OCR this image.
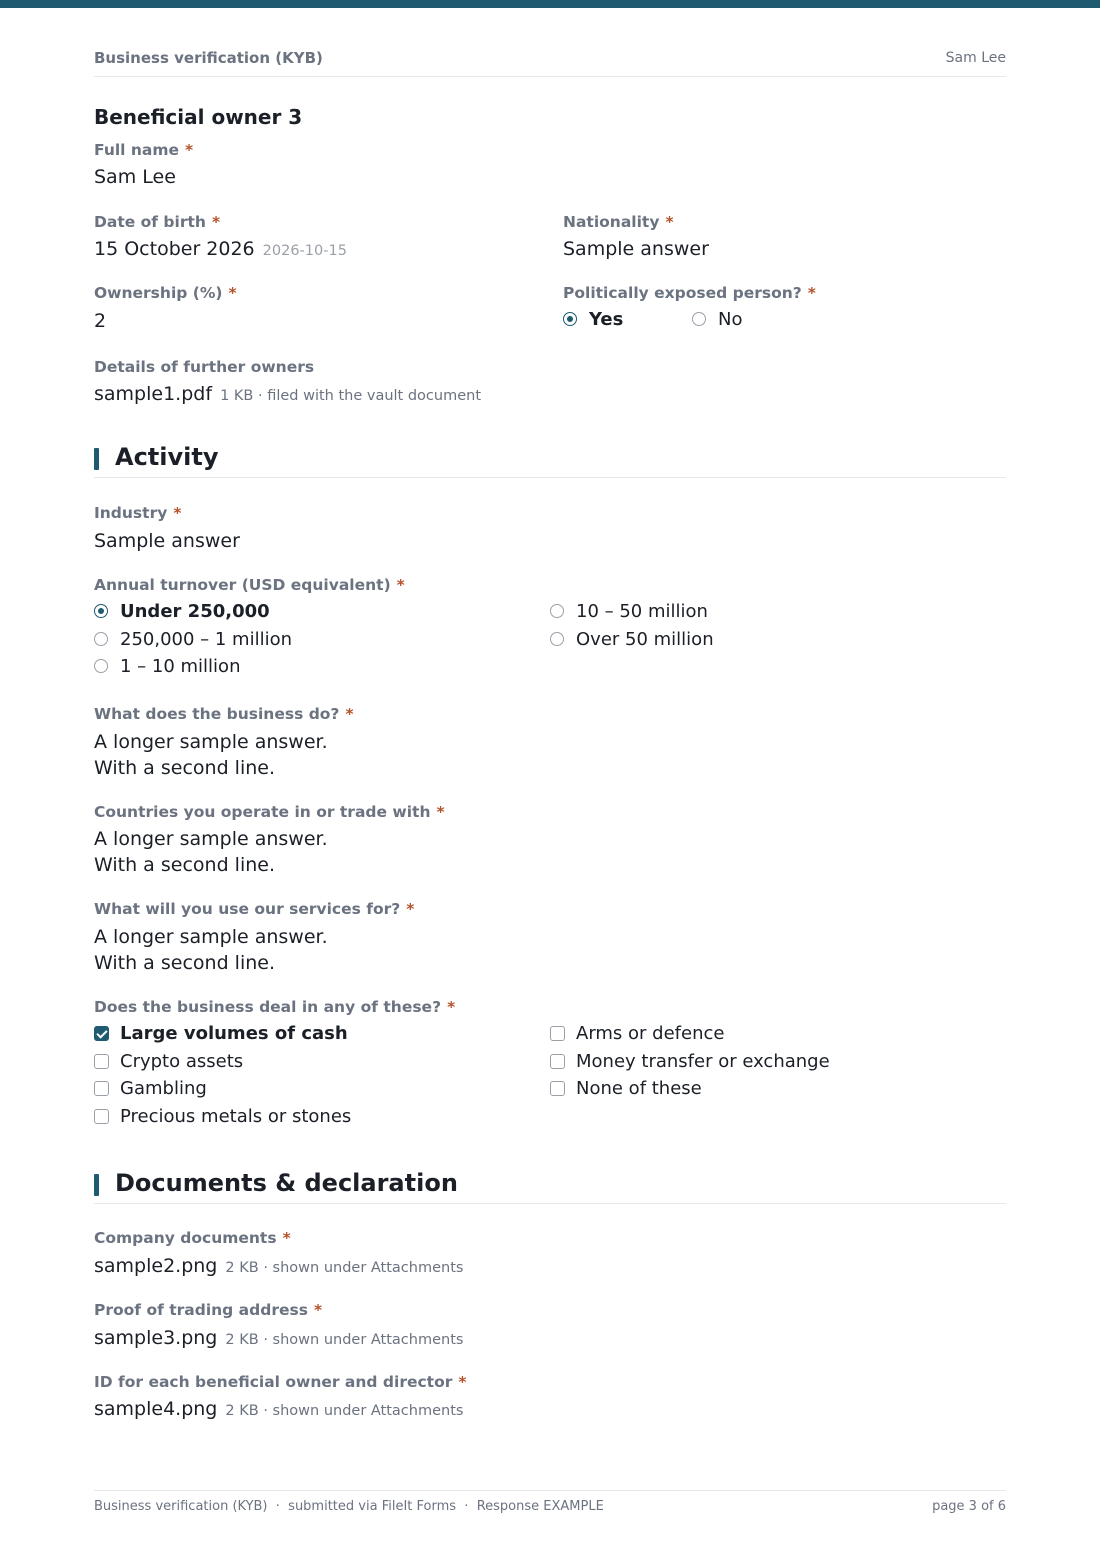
Business verification (KYB)	Sam Lee
Beneficial owner 3
Full name *
Sam Lee
Date of birth *
15 October 2026 2026-10-15
Nationality *
Sample answer
Ownership (%) *
2
Politically exposed person? *
Yes	No
Details of further owners
sample1.pdf 1 KB · filed with the vault document
Activity
Industry *
Sample answer
Annual turnover (USD equivalent) *
Under 250,000
250,000 – 1 million
1 – 10 million
10 – 50 million
Over 50 million
What does the business do? *
A longer sample answer.
With a second line.
Countries you operate in or trade with *
A longer sample answer.
With a second line.
What will you use our services for? *
A longer sample answer.
With a second line.
Does the business deal in any of these? *
Large volumes of cash
Crypto assets
Gambling
Precious metals or stones
Arms or defence
Money transfer or exchange
None of these
Documents & declaration
Company documents *
sample2.png 2 KB · shown under Attachments
Proof of trading address *
sample3.png 2 KB · shown under Attachments
ID for each beneficial owner and director *
sample4.png 2 KB · shown under Attachments
Business verification (KYB)  ·  submitted via FileIt Forms  ·  Response EXAMPLE	page 3 of 6
